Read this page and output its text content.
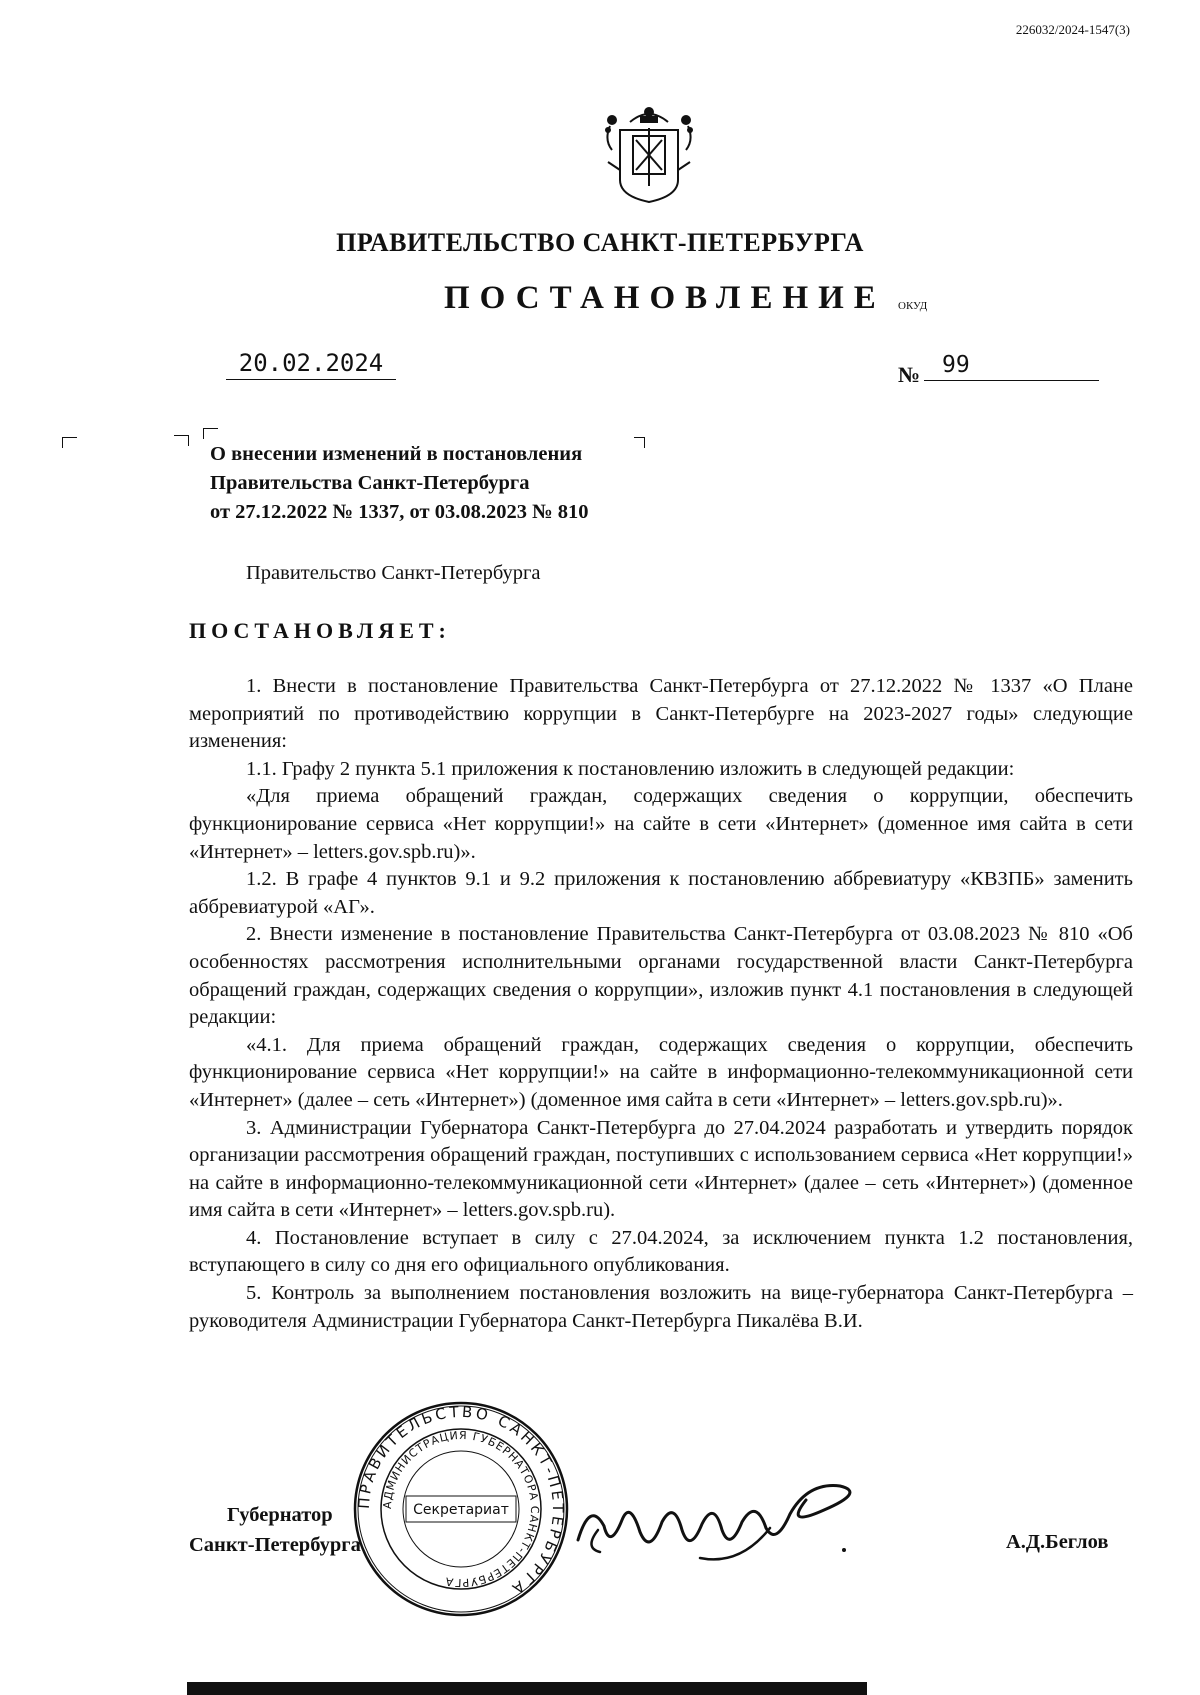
226032/2024-1547(3)
ПРАВИТЕЛЬСТВО САНКТ-ПЕТЕРБУРГА
ПОСТАНОВЛЕНИЕ ОКУД
20.02.2024	№ 99
О внесении изменений в постановления
Правительства Санкт-Петербурга
от 27.12.2022 № 1337, от 03.08.2023 № 810
Правительство Санкт-Петербурга
ПОСТАНОВЛЯЕТ:

1. Внести в постановление Правительства Санкт-Петербурга от 27.12.2022 № 1337 «О Плане мероприятий по противодействию коррупции в Санкт-Петербурге на 2023-2027 годы» следующие изменения:

1.1. Графу 2 пункта 5.1 приложения к постановлению изложить в следующей редакции:

«Для приема обращений граждан, содержащих сведения о коррупции, обеспечить функционирование сервиса «Нет коррупции!» на сайте в сети «Интернет» (доменное имя сайта в сети «Интернет» – letters.gov.spb.ru)».

1.2. В графе 4 пунктов 9.1 и 9.2 приложения к постановлению аббревиатуру «КВЗПБ» заменить аббревиатурой «АГ».

2. Внести изменение в постановление Правительства Санкт-Петербурга от 03.08.2023 № 810 «Об особенностях рассмотрения исполнительными органами государственной власти Санкт-Петербурга обращений граждан, содержащих сведения о коррупции», изложив пункт 4.1 постановления в следующей редакции:

«4.1. Для приема обращений граждан, содержащих сведения о коррупции, обеспечить функционирование сервиса «Нет коррупции!» на сайте в информационно-телекоммуникационной сети «Интернет» (далее – сеть «Интернет») (доменное имя сайта в сети «Интернет» – letters.gov.spb.ru)».

3. Администрации Губернатора Санкт-Петербурга до 27.04.2024 разработать и утвердить порядок организации рассмотрения обращений граждан, поступивших с использованием сервиса «Нет коррупции!» на сайте в информационно-телекоммуникационной сети «Интернет» (далее – сеть «Интернет») (доменное имя сайта в сети «Интернет» – letters.gov.spb.ru).

4. Постановление вступает в силу с 27.04.2024, за исключением пункта 1.2 постановления, вступающего в силу со дня его официального опубликования.

5. Контроль за выполнением постановления возложить на вице-губернатора Санкт-Петербурга – руководителя Администрации Губернатора Санкт-Петербурга Пикалёва В.И.

ПРАВИТЕЛЬСТВО САНКТ-ПЕТЕРБУРГА
АДМИНИСТРАЦИЯ ГУБЕРНАТОРА САНКТ-ПЕТЕРБУРГА
Секретариат
Губернатор
Санкт-Петербурга	А.Д.Беглов
